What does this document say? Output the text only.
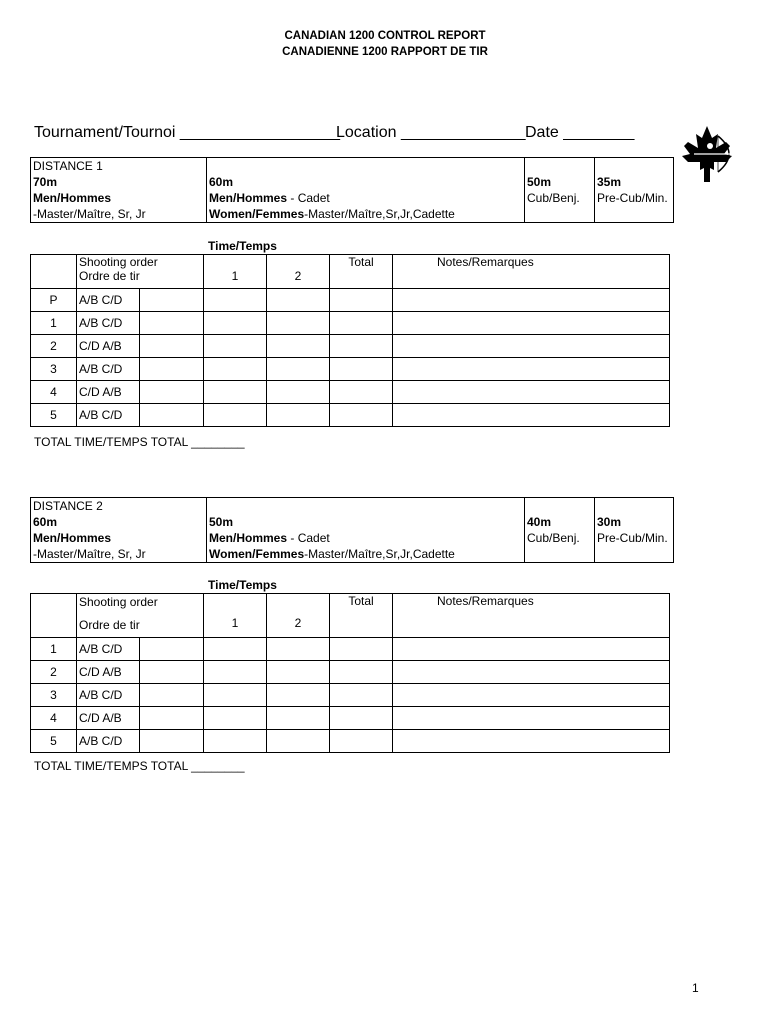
CANADIAN 1200 CONTROL REPORT
CANADIENNE 1200 RAPPORT DE TIR
Tournament/Tournoi __________________
Location ______________ Date ________
DISTANCE 1
70m
Men/Hommes
-Master/Maître, Sr, Jr

60m
Men/Hommes - Cadet
Women/Femmes-Master/Maître,Sr,Jr,Cadette

50m
Cub/Benj.

35m
Pre-Cub/Min.
Time/Temps

	Shooting order
Ordre de tir		1	2	Total	Notes/Remarques
P	A/B C/D					
1	A/B C/D					
2	C/D A/B					
3	A/B C/D					
4	C/D A/B					
5	A/B C/D					
TOTAL TIME/TEMPS TOTAL ________
DISTANCE 2
60m
Men/Hommes
-Master/Maître, Sr, Jr

50m
Men/Hommes - Cadet
Women/Femmes-Master/Maître,Sr,Jr,Cadette

40m
Cub/Benj.

30m
Pre-Cub/Min.
Time/Temps

	Shooting order
Ordre de tir		1	2	Total	Notes/Remarques
1	A/B C/D					
2	C/D A/B					
3	A/B C/D					
4	C/D A/B					
5	A/B C/D					
TOTAL TIME/TEMPS TOTAL ________
1
